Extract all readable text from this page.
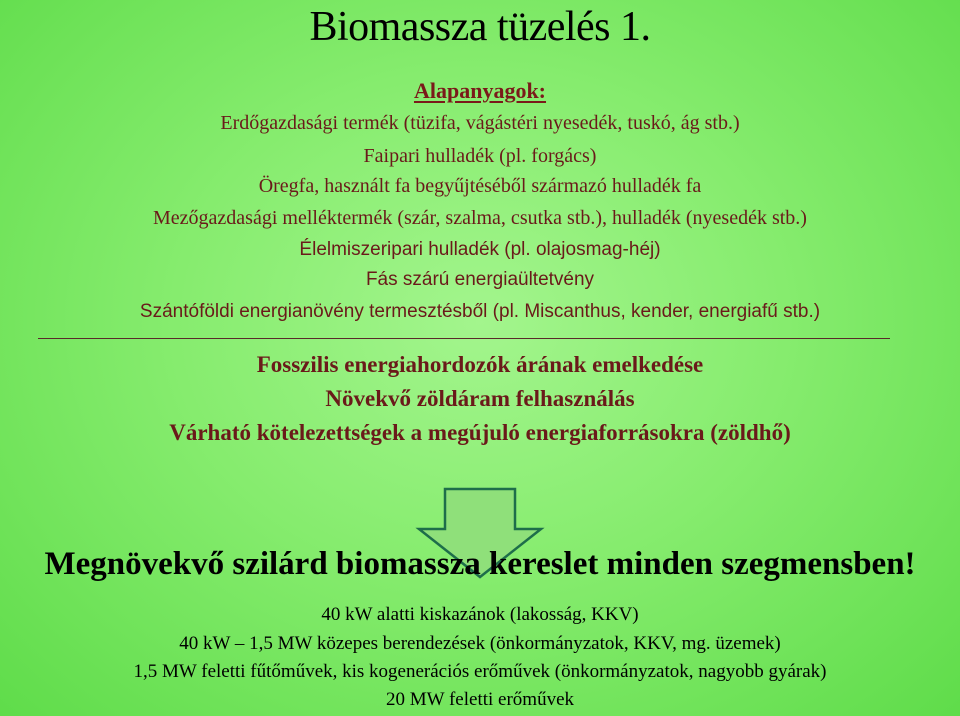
Biomassza tüzelés 1.
Alapanyagok:
Erdőgazdasági termék (tüzifa, vágástéri nyesedék, tuskó, ág stb.)
Faipari hulladék (pl. forgács)
Öregfa, használt fa begyűjtéséből származó hulladék fa
Mezőgazdasági melléktermék (szár, szalma, csutka stb.), hulladék (nyesedék stb.)
Élelmiszeripari hulladék (pl. olajosmag-héj)
Fás szárú energiaültetvény
Szántóföldi energianövény termesztésből (pl. Miscanthus, kender, energiafű stb.)
Fosszilis energiahordozók árának emelkedése
Növekvő zöldáram felhasználás
Várható kötelezettségek a megújuló energiaforrásokra (zöldhő)
Megnövekvő szilárd biomassza kereslet minden szegmensben!
40 kW alatti kiskazánok (lakosság, KKV)
40 kW – 1,5 MW közepes berendezések (önkormányzatok, KKV, mg. üzemek)
1,5 MW feletti fűtőművek, kis kogenerációs erőművek (önkormányzatok, nagyobb gyárak)
20 MW feletti erőművek
